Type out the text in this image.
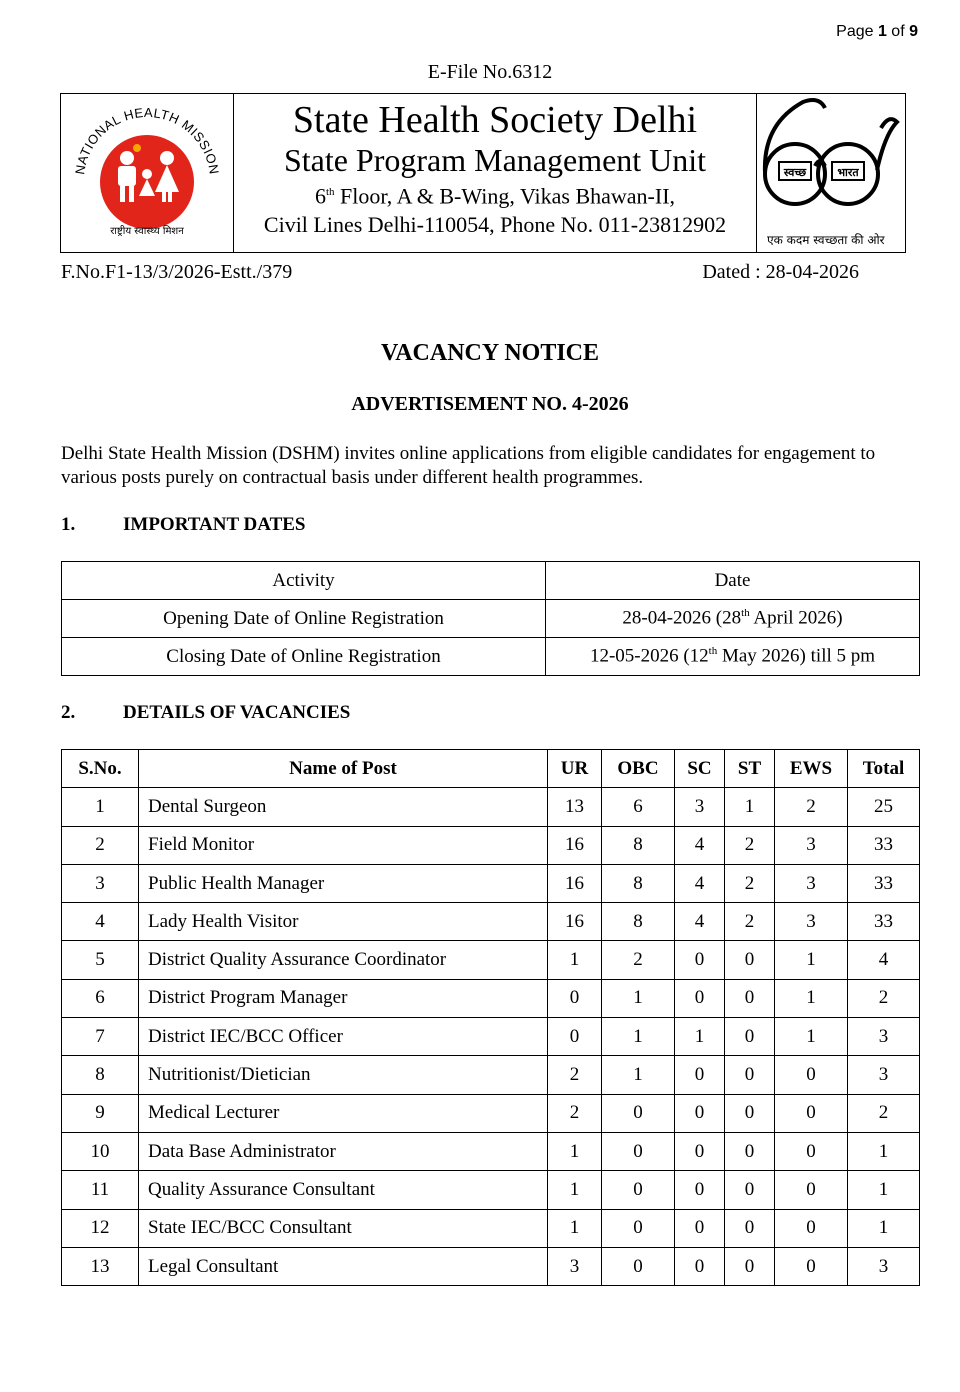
Page 1 of 9
E-File No.6312
NATIONAL HEALTH MISSION
राष्ट्रीय स्वास्थ्य मिशन
State Health Society Delhi
State Program Management Unit
6th Floor, A & B-Wing, Vikas Bhawan-II,
Civil Lines Delhi-110054, Phone No. 011-23812902
स्वच्छ	भारत
एक कदम स्वच्छता की ओर
F.No.F1-13/3/2026-Estt./379	Dated : 28-04-2026
VACANCY NOTICE
ADVERTISEMENT NO. 4-2026
Delhi State Health Mission (DSHM) invites online applications from eligible candidates for engagement to various posts purely on contractual basis under different health programmes.
1.	IMPORTANT DATES
Activity	Date
Opening Date of Online Registration	28-04-2026 (28th April 2026)
Closing Date of Online Registration	12-05-2026 (12th May 2026) till 5 pm
2.	DETAILS OF VACANCIES
S.No.	Name of Post	UR	OBC	SC	ST	EWS	Total
1	Dental Surgeon	13	6	3	1	2	25
2	Field Monitor	16	8	4	2	3	33
3	Public Health Manager	16	8	4	2	3	33
4	Lady Health Visitor	16	8	4	2	3	33
5	District Quality Assurance Coordinator	1	2	0	0	1	4
6	District Program Manager	0	1	0	0	1	2
7	District IEC/BCC Officer	0	1	1	0	1	3
8	Nutritionist/Dietician	2	1	0	0	0	3
9	Medical Lecturer	2	0	0	0	0	2
10	Data Base Administrator	1	0	0	0	0	1
11	Quality Assurance Consultant	1	0	0	0	0	1
12	State IEC/BCC Consultant	1	0	0	0	0	1
13	Legal Consultant	3	0	0	0	0	3
